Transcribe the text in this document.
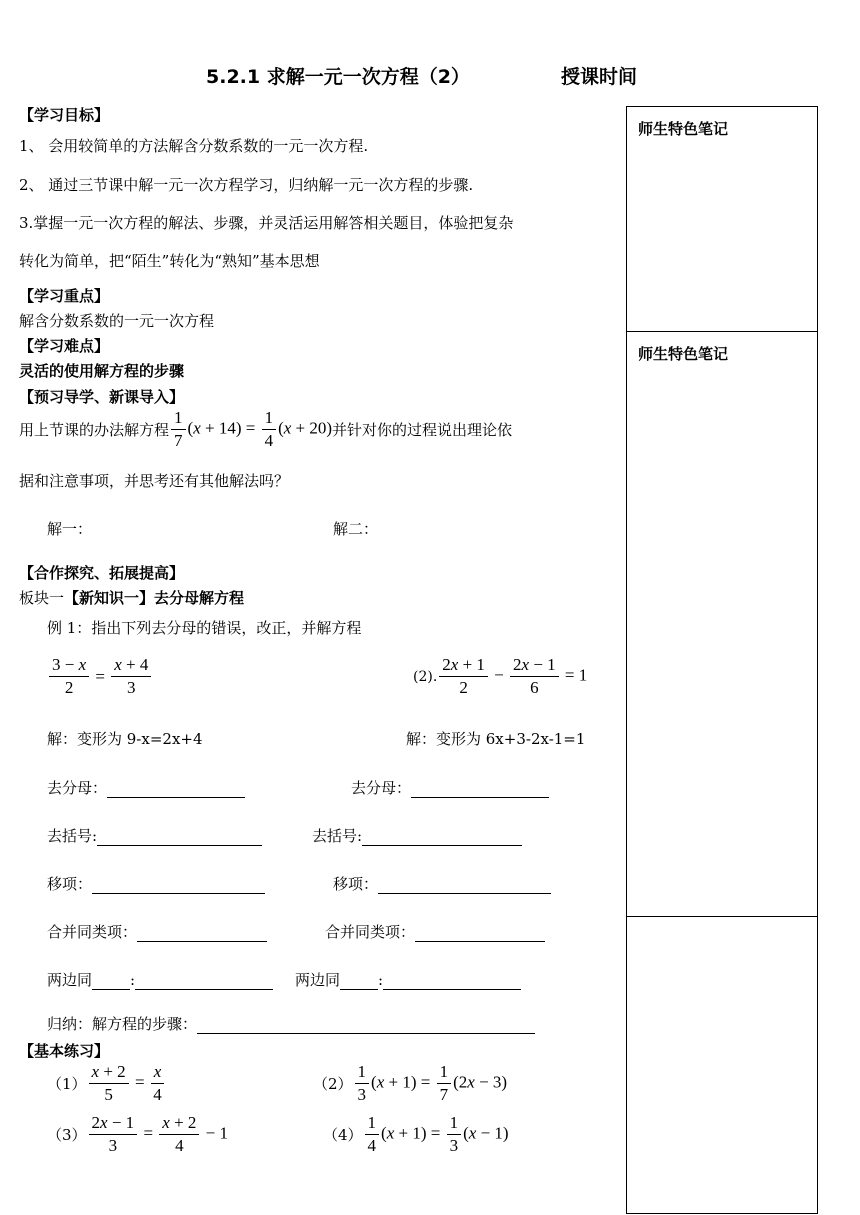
5.2.1 求解一元一次方程（2）	授课时间
师生特色笔记
师生特色笔记
【学习目标】
1、 会用较简单的方法解含分数系数的一元一次方程.
2、 通过三节课中解一元一次方程学习，归纳解一元一次方程的步骤.
3.掌握一元一次方程的解法、步骤，并灵活运用解答相关题目，体验把复杂
转化为简单，把“陌生”转化为“熟知”基本思想
【学习重点】
解含分数系数的一元一次方程
【学习难点】
灵活的使用解方程的步骤
【预习导学、新课导入】
用上节课的办法解方程 $\frac{1}{7} (x + 14) = \frac{1}{4} (x + 20)$ 并针对你的过程说出理论依
据和注意事项，并思考还有其他解法吗？
解一：	解二：
【合作探究、拓展提高】
板块一【新知识一】去分母解方程
例 1：指出下列去分母的错误，改正，并解方程
$\frac{3 - x}{2} = \frac{x + 4}{3}$	(2). $\frac{2x + 1}{2} - \frac{2x - 1}{6} = 1$
解：变形为 9-x=2x+4	解：变形为 6x+3-2x-1=1
去分母：	去分母：
去括号:	去括号:
移项：	移项：
合并同类项：	合并同类项：
两边同	:	两边同	:
归纳：解方程的步骤：
【基本练习】
$(1) \frac{x + 2}{5} = \frac{x}{4}$	$(2) \frac{1}{3} (x + 1) = \frac{1}{7} (2x - 3)$
$(3) \frac{2x - 1}{3} = \frac{x + 2}{4} - 1$	$(4) \frac{1}{4} (x + 1) = \frac{1}{3} (x - 1)$
